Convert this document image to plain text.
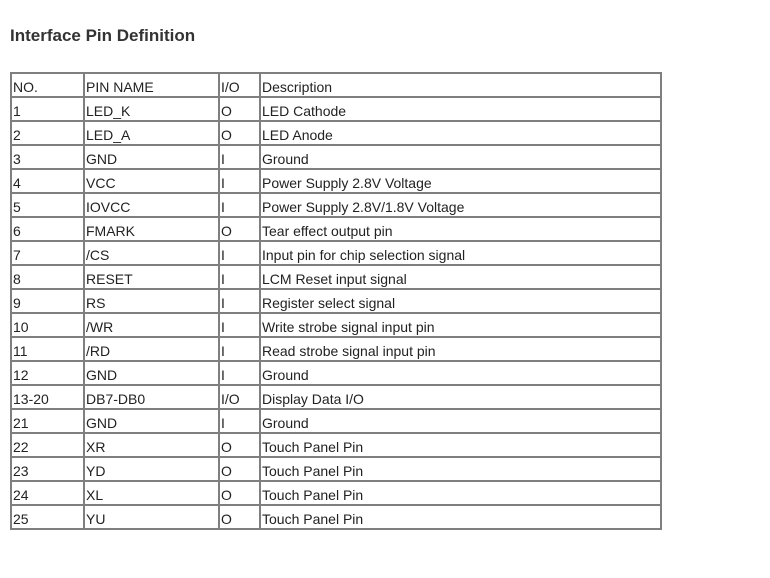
Interface Pin Definition
NO.	PIN NAME	I/O	Description
1	LED_K	O	LED Cathode
2	LED_A	O	LED Anode
3	GND	I	Ground
4	VCC	I	Power Supply 2.8V Voltage
5	IOVCC	I	Power Supply 2.8V/1.8V Voltage
6	FMARK	O	Tear effect output pin
7	/CS	I	Input pin for chip selection signal
8	RESET	I	LCM Reset input signal
9	RS	I	Register select signal
10	/WR	I	Write strobe signal input pin
11	/RD	I	Read strobe signal input pin
12	GND	I	Ground
13-20	DB7-DB0	I/O	Display Data I/O
21	GND	I	Ground
22	XR	O	Touch Panel Pin
23	YD	O	Touch Panel Pin
24	XL	O	Touch Panel Pin
25	YU	O	Touch Panel Pin
